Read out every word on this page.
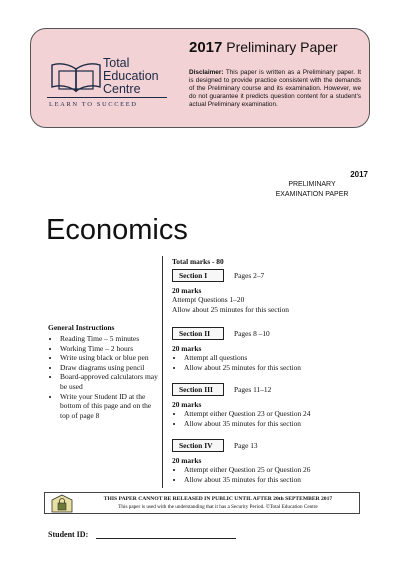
Total
Education
Centre
LEARN TO SUCCEED
2017 Preliminary Paper
Disclaimer: This paper is written as a Preliminary paper. It is designed to provide practice consistent with the demands of the Preliminary course and its examination. However, we do not guarantee it predicts question content for a student's actual Preliminary examination.
2017
PRELIMINARY
EXAMINATION PAPER
Economics
General Instructions
• Reading Time – 5 minutes
• Working Time – 2 hours
• Write using black or blue pen
• Draw diagrams using pencil
• Board-approved calculators may be used
• Write your Student ID at the bottom of this page and on the top of page 8
Total marks - 80
Section I	Pages 2–7
20 marks
Attempt Questions 1–20
Allow about 25 minutes for this section
Section II	Pages 8 –10
20 marks
• Attempt all questions
• Allow about 25 minutes for this section
Section III	Pages 11–12
20 marks
• Attempt either Question 23 or Question 24
• Allow about 35 minutes for this section
Section IV	Page 13
20 marks
• Attempt either Question 25 or Question 26
• Allow about 35 minutes for this section
THIS PAPER CANNOT BE RELEASED IN PUBLIC UNTIL AFTER 20th SEPTEMBER 2017
This paper is used with the understanding that it has a Security Period. ©Total Education Centre
Student ID:
